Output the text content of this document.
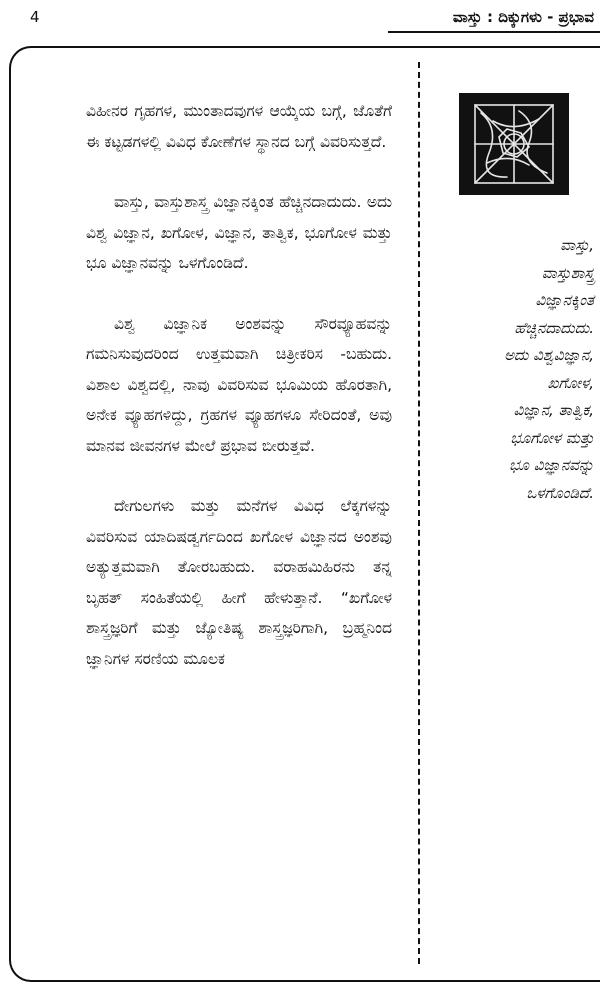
4	ವಾಸ್ತು : ದಿಕ್ಕುಗಳು - ಪ್ರಭಾವ

ವಿಹೀನರ ಗೃಹಗಳ, ಮುಂತಾದವುಗಳ ಆಯ್ಕೆಯ ಬಗ್ಗೆ, ಜೊತೆಗೆ ಈ ಕಟ್ಟಡಗಳಲ್ಲಿ ವಿವಿಧ ಕೋಣೆಗಳ ಸ್ಥಾನದ ಬಗ್ಗೆ ವಿವರಿಸುತ್ತದೆ.

ವಾಸ್ತು, ವಾಸ್ತುಶಾಸ್ತ್ರ ವಿಜ್ಞಾನಕ್ಕಿಂತ ಹೆಚ್ಚಿನದಾದುದು. ಅದು ವಿಶ್ವ ವಿಜ್ಞಾನ, ಖಗೋಳ, ವಿಜ್ಞಾನ, ತಾತ್ವಿಕ, ಭೂಗೋಳ ಮತ್ತು ಭೂ ವಿಜ್ಞಾನವನ್ನು ಒಳಗೊಂಡಿದೆ.

ವಿಶ್ವ ವಿಜ್ಞಾನಿಕ ಅಂಶವನ್ನು ಸೌರವ್ಯೂಹವನ್ನು ಗಮನಿಸುವುದರಿಂದ ಉತ್ತಮವಾಗಿ ಚಿತ್ರೀಕರಿಸ -ಬಹುದು. ವಿಶಾಲ ವಿಶ್ವದಲ್ಲಿ, ನಾವು ವಿವರಿಸುವ ಭೂಮಿಯ ಹೊರತಾಗಿ, ಅನೇಕ ವ್ಯೂಹಗಳಿದ್ದು, ಗ್ರಹಗಳ ವ್ಯೂಹಗಳೂ ಸೇರಿದಂತೆ, ಅವು ಮಾನವ ಜೀವನಗಳ ಮೇಲೆ ಪ್ರಭಾವ ಬೀರುತ್ತವೆ.

ದೇಗುಲಗಳು ಮತ್ತು ಮನೆಗಳ ವಿವಿಧ ಲೆಕ್ಕಗಳನ್ನು ವಿವರಿಸುವ ಯಾದಿಷಡ್ವರ್ಗದಿಂದ ಖಗೋಳ ವಿಜ್ಞಾನದ ಅಂಶವು ಅತ್ಯುತ್ತಮವಾಗಿ ತೋರಬಹುದು. ವರಾಹಮಿಹಿರನು ತನ್ನ ಬೃಹತ್ ಸಂಹಿತೆಯಲ್ಲಿ ಹೀಗೆ ಹೇಳುತ್ತಾನೆ. “ಖಗೋಳ ಶಾಸ್ತ್ರಜ್ಞರಿಗೆ ಮತ್ತು ಜ್ಯೋತಿಷ್ಯ ಶಾಸ್ತ್ರಜ್ಞರಿಗಾಗಿ, ಬ್ರಹ್ಮನಿಂದ ಜ್ಞಾನಿಗಳ ಸರಣಿಯ ಮೂಲಕ

ವಾಸ್ತು,
ವಾಸ್ತುಶಾಸ್ತ್ರ
ವಿಜ್ಞಾನಕ್ಕಿಂತ
ಹೆಚ್ಚಿನದಾದುದು.
ಅದು ವಿಶ್ವವಿಜ್ಞಾನ,
ಖಗೋಳ,
ವಿಜ್ಞಾನ, ತಾತ್ವಿಕ,
ಭೂಗೋಳ ಮತ್ತು
ಭೂ ವಿಜ್ಞಾನವನ್ನು
ಒಳಗೊಂಡಿದೆ.
